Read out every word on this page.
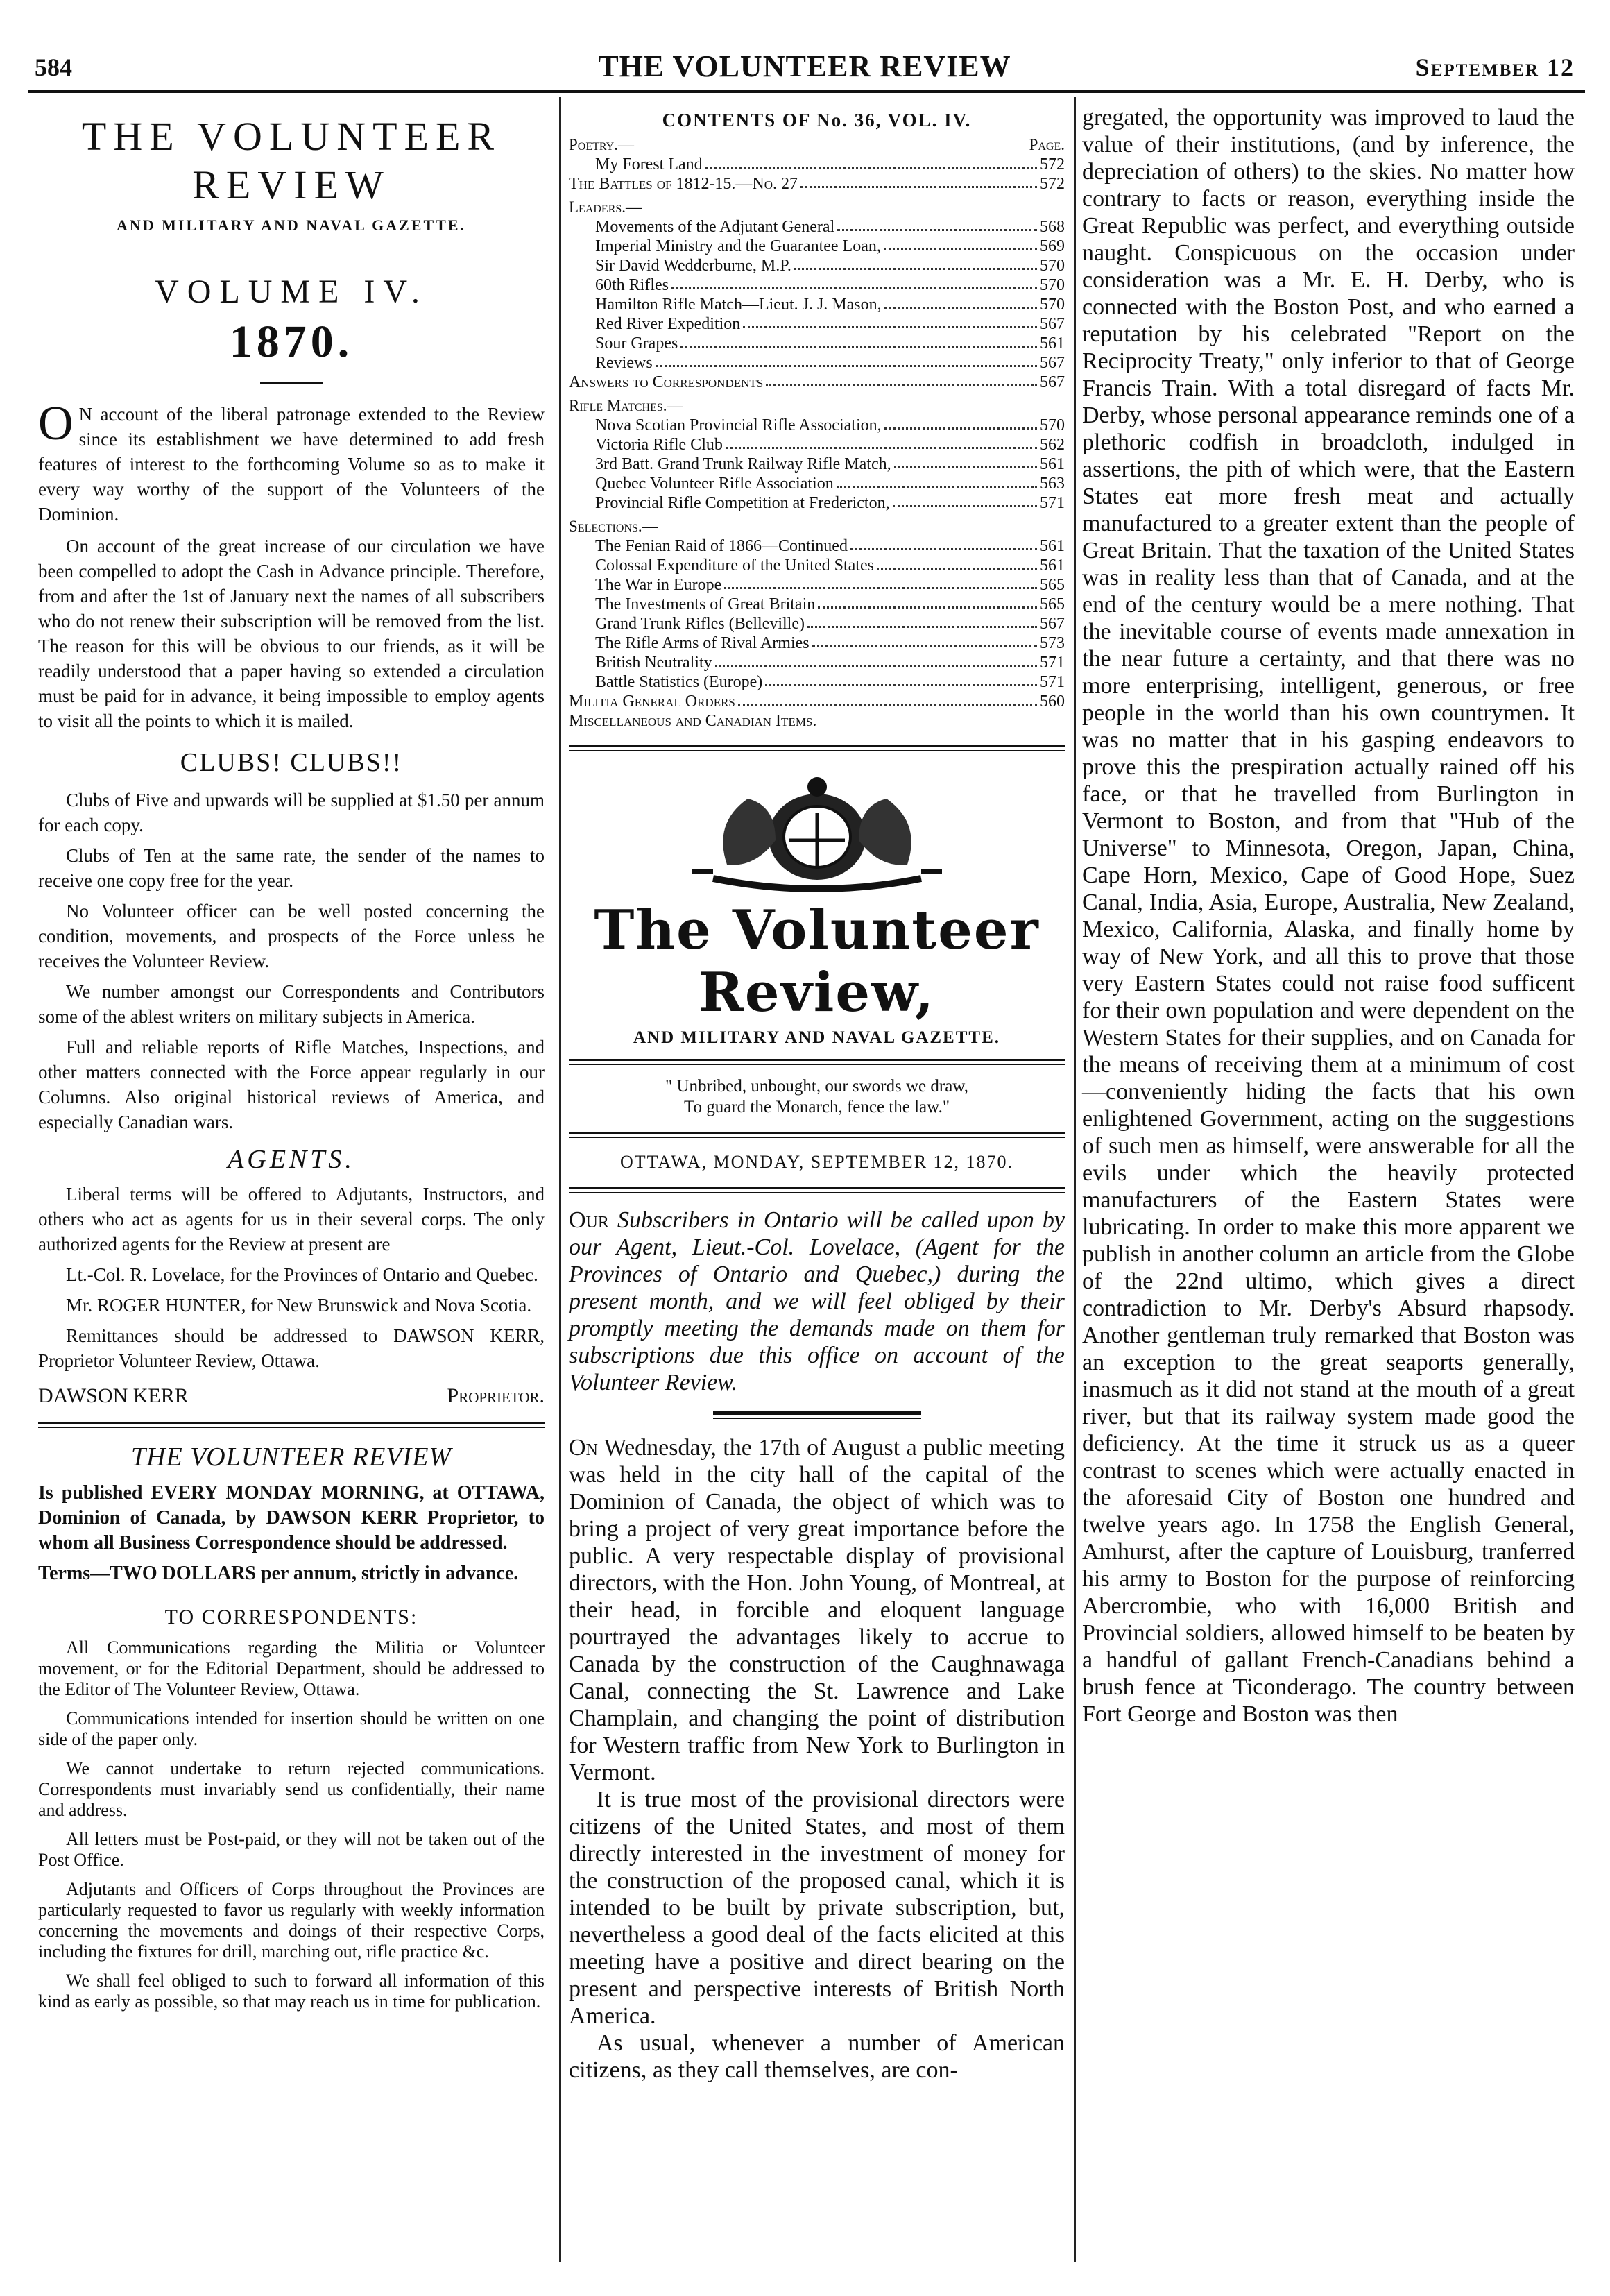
584	THE VOLUNTEER REVIEW	September 12
THE VOLUNTEER REVIEW
AND MILITARY AND NAVAL GAZETTE.
VOLUME IV.
1870.

O N account of the liberal patronage extended to the Review since its establishment we have determined to add fresh features of interest to the forthcoming Volume so as to make it every way worthy of the support of the Volunteers of the Dominion.

On account of the great increase of our circulation we have been compelled to adopt the Cash in Advance principle. Therefore, from and after the 1st of January next the names of all subscribers who do not renew their subscription will be removed from the list. The reason for this will be obvious to our friends, as it will be readily understood that a paper having so extended a circulation must be paid for in advance, it being impossible to employ agents to visit all the points to which it is mailed.

CLUBS! CLUBS!!

Clubs of Five and upwards will be supplied at $1.50 per annum for each copy.

Clubs of Ten at the same rate, the sender of the names to receive one copy free for the year.

No Volunteer officer can be well posted concerning the condition, movements, and prospects of the Force unless he receives the Volunteer Review.

We number amongst our Correspondents and Contributors some of the ablest writers on military subjects in America.

Full and reliable reports of Rifle Matches, Inspections, and other matters connected with the Force appear regularly in our Columns. Also original historical reviews of America, and especially Canadian wars.

AGENTS.

Liberal terms will be offered to Adjutants, Instructors, and others who act as agents for us in their several corps. The only authorized agents for the Review at present are

Lt.-Col. R. Lovelace, for the Provinces of Ontario and Quebec.

Mr. ROGER HUNTER, for New Brunswick and Nova Scotia.

Remittances should be addressed to DAWSON KERR, Proprietor Volunteer Review, Ottawa.

DAWSON KERR	Proprietor.
THE VOLUNTEER REVIEW

Is published EVERY MONDAY MORNING, at OTTAWA, Dominion of Canada, by DAWSON KERR Proprietor, to whom all Business Correspondence should be addressed.

Terms—TWO DOLLARS per annum, strictly in advance.

TO CORRESPONDENTS:

All Communications regarding the Militia or Volunteer movement, or for the Editorial Department, should be addressed to the Editor of The Volunteer Review, Ottawa.

Communications intended for insertion should be written on one side of the paper only.

We cannot undertake to return rejected communications. Correspondents must invariably send us confidentially, their name and address.

All letters must be Post-paid, or they will not be taken out of the Post Office.

Adjutants and Officers of Corps throughout the Provinces are particularly requested to favor us regularly with weekly information concerning the movements and doings of their respective Corps, including the fixtures for drill, marching out, rifle practice &c.

We shall feel obliged to such to forward all information of this kind as early as possible, so that may reach us in time for publication.

CONTENTS OF No. 36, VOL. IV.
Poetry.—	Page.
My Forest Land	572
The Battles of 1812-15.—No. 27	572
Leaders.—
Movements of the Adjutant General	568
Imperial Ministry and the Guarantee Loan,	569
Sir David Wedderburne, M.P.	570
60th Rifles	570
Hamilton Rifle Match—Lieut. J. J. Mason,	570
Red River Expedition	567
Sour Grapes	561
Reviews	567
Answers to Correspondents	567
Rifle Matches.—
Nova Scotian Provincial Rifle Association,	570
Victoria Rifle Club	562
3rd Batt. Grand Trunk Railway Rifle Match,	561
Quebec Volunteer Rifle Association	563
Provincial Rifle Competition at Fredericton,	571
Selections.—
The Fenian Raid of 1866—Continued	561
Colossal Expenditure of the United States	561
The War in Europe	565
The Investments of Great Britain	565
Grand Trunk Rifles (Belleville)	567
The Rifle Arms of Rival Armies	573
British Neutrality	571
Battle Statistics (Europe)	571
Militia General Orders	560
Miscellaneous and Canadian Items.
The Volunteer Review,
AND MILITARY AND NAVAL GAZETTE.
" Unbribed, unbought, our swords we draw,
To guard the Monarch, fence the law."
OTTAWA, MONDAY, SEPTEMBER 12, 1870.

Our Subscribers in Ontario will be called upon by our Agent, Lieut.-Col. Lovelace, (Agent for the Provinces of Ontario and Quebec,) during the present month, and we will feel obliged by their promptly meeting the demands made on them for subscriptions due this office on account of the Volunteer Review.

On Wednesday, the 17th of August a public meeting was held in the city hall of the capital of the Dominion of Canada, the object of which was to bring a project of very great importance before the public. A very respectable display of provisional directors, with the Hon. John Young, of Montreal, at their head, in forcible and eloquent language pourtrayed the advantages likely to accrue to Canada by the construction of the Caughnawaga Canal, connecting the St. Lawrence and Lake Champlain, and changing the point of distribution for Western traffic from New York to Burlington in Vermont.

It is true most of the provisional directors were citizens of the United States, and most of them directly interested in the investment of money for the construction of the proposed canal, which it is intended to be built by private subscription, but, nevertheless a good deal of the facts elicited at this meeting have a positive and direct bearing on the present and perspective interests of British North America.

As usual, whenever a number of American citizens, as they call themselves, are con-

gregated, the opportunity was improved to laud the value of their institutions, (and by inference, the depreciation of others) to the skies. No matter how contrary to facts or reason, everything inside the Great Republic was perfect, and everything outside naught. Conspicuous on the occasion under consideration was a Mr. E. H. Derby, who is connected with the Boston Post, and who earned a reputation by his celebrated "Report on the Reciprocity Treaty," only inferior to that of George Francis Train. With a total disregard of facts Mr. Derby, whose personal appearance reminds one of a plethoric codfish in broadcloth, indulged in assertions, the pith of which were, that the Eastern States eat more fresh meat and actually manufactured to a greater extent than the people of Great Britain. That the taxation of the United States was in reality less than that of Canada, and at the end of the century would be a mere nothing. That the inevitable course of events made annexation in the near future a certainty, and that there was no more enterprising, intelligent, generous, or free people in the world than his own countrymen. It was no matter that in his gasping endeavors to prove this the prespiration actually rained off his face, or that he travelled from Burlington in Vermont to Boston, and from that "Hub of the Universe" to Minnesota, Oregon, Japan, China, Cape Horn, Mexico, Cape of Good Hope, Suez Canal, India, Asia, Europe, Australia, New Zealand, Mexico, California, Alaska, and finally home by way of New York, and all this to prove that those very Eastern States could not raise food sufficent for their own population and were dependent on the Western States for their supplies, and on Canada for the means of receiving them at a minimum of cost—conveniently hiding the facts that his own enlightened Government, acting on the suggestions of such men as himself, were answerable for all the evils under which the heavily protected manufacturers of the Eastern States were lubricating. In order to make this more apparent we publish in another column an article from the Globe of the 22nd ultimo, which gives a direct contradiction to Mr. Derby's Absurd rhapsody. Another gentleman truly remarked that Boston was an exception to the great seaports generally, inasmuch as it did not stand at the mouth of a great river, but that its railway system made good the deficiency. At the time it struck us as a queer contrast to scenes which were actually enacted in the aforesaid City of Boston one hundred and twelve years ago. In 1758 the English General, Amhurst, after the capture of Louisburg, tranferred his army to Boston for the purpose of reinforcing Abercrombie, who with 16,000 British and Provincial soldiers, allowed himself to be beaten by a handful of gallant French-Canadians behind a brush fence at Ticonderago. The country between Fort George and Boston was then
